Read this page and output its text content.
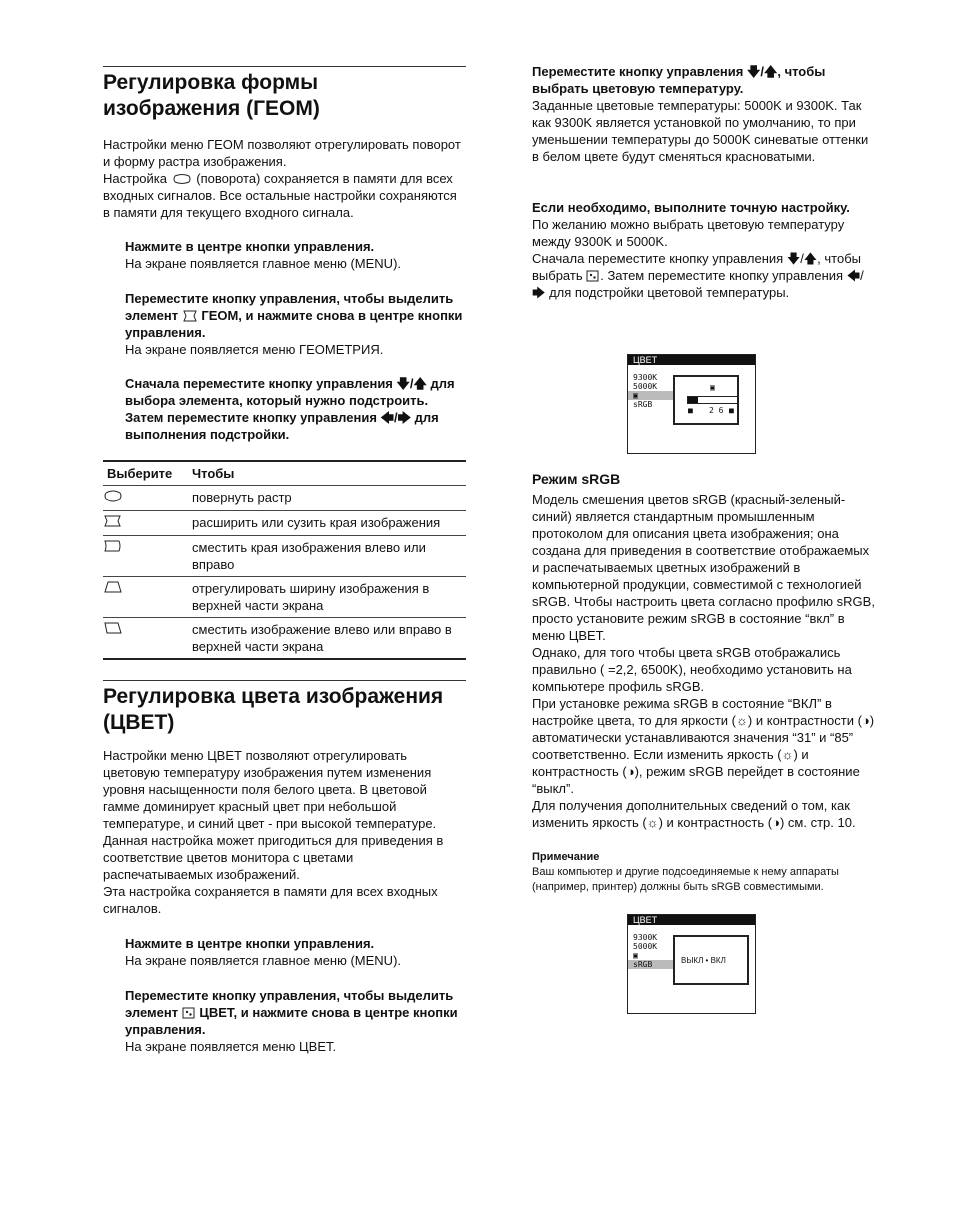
Регулировка формы
изображения (ГЕОМ)

Настройки меню ГЕОМ позволяют отрегулировать поворот и форму растра изображения.

Настройка (поворота) сохраняется в памяти для всех входных сигналов. Все остальные настройки сохраняются в памяти для текущего входного сигнала.

Нажмите в центре кнопки управления.

На экране появляется главное меню (MENU).

Переместите кнопку управления, чтобы выделить элемент ГЕОМ, и нажмите снова в центре кнопки управления.

На экране появляется меню ГЕОМЕТРИЯ.

Сначала переместите кнопку управления 🡇/🡅 для выбора элемента, который нужно подстроить. Затем переместите кнопку управления 🡄/🡆 для выполнения подстройки.

Выберите	Чтобы
	повернуть растр
	расширить или сузить края изображения
	сместить края изображения влево или вправо
	отрегулировать ширину изображения в верхней части экрана
	сместить изображение влево или вправо в верхней части экрана
Регулировка цвета изображения
(ЦВЕТ)

Настройки меню ЦВЕТ позволяют отрегулировать цветовую температуру изображения путем изменения уровня насыщенности поля белого цвета. В цветовой гамме доминирует красный цвет при небольшой температуре, и синий цвет - при высокой температуре. Данная настройка может пригодиться для приведения в соответствие цветов монитора с цветами распечатываемых изображений.

Эта настройка сохраняется в памяти для всех входных сигналов.

Нажмите в центре кнопки управления.

На экране появляется главное меню (MENU).

Переместите кнопку управления, чтобы выделить элемент ЦВЕТ, и нажмите снова в центре кнопки управления.

На экране появляется меню ЦВЕТ.

Переместите кнопку управления 🡇/🡅, чтобы выбрать цветовую температуру.

Заданные цветовые температуры: 5000K и 9300K. Так как 9300K является установкой по умолчанию, то при уменьшении температуры до 5000K синеватые оттенки в белом цвете будут сменяться красноватыми.

Если необходимо, выполните точную настройку.

По желанию можно выбрать цветовую температуру между 9300K и 5000K.

Сначала переместите кнопку управления 🡇/🡅, чтобы выбрать . Затем переместите кнопку управления 🡄/🡆 для подстройки цветовой температуры.

ЦВЕТ
9300K
5000K
▣
sRGB
▣
■ 2 6 ■

Режим sRGB

Модель смешения цветов sRGB (красный-зеленый-синий) является стандартным промышленным протоколом для описания цвета изображения; она создана для приведения в соответствие отображаемых и распечатываемых цветных изображений в компьютерной продукции, совместимой с технологией sRGB. Чтобы настроить цвета согласно профилю sRGB, просто установите режим sRGB в состояние “вкл” в меню ЦВЕТ.

Однако, для того чтобы цвета sRGB отображались правильно ( =2,2, 6500K), необходимо установить на компьютере профиль sRGB.

При установке режима sRGB в состояние “ВКЛ” в настройке цвета, то для яркости (☼) и контрастности (◑) автоматически устанавливаются значения “31” и “85” соответственно. Если изменить яркость (☼) и контрастность (◑), режим sRGB перейдет в состояние “выкл”.

Для получения дополнительных сведений о том, как изменить яркость (☼) и контрастность (◑) см. стр. 10.

Примечание

Ваш компьютер и другие подсоединяемые к нему аппараты (например, принтер) должны быть sRGB совместимыми.

ЦВЕТ
9300K
5000K
▣
sRGB	ВЫКЛ • ВКЛ
